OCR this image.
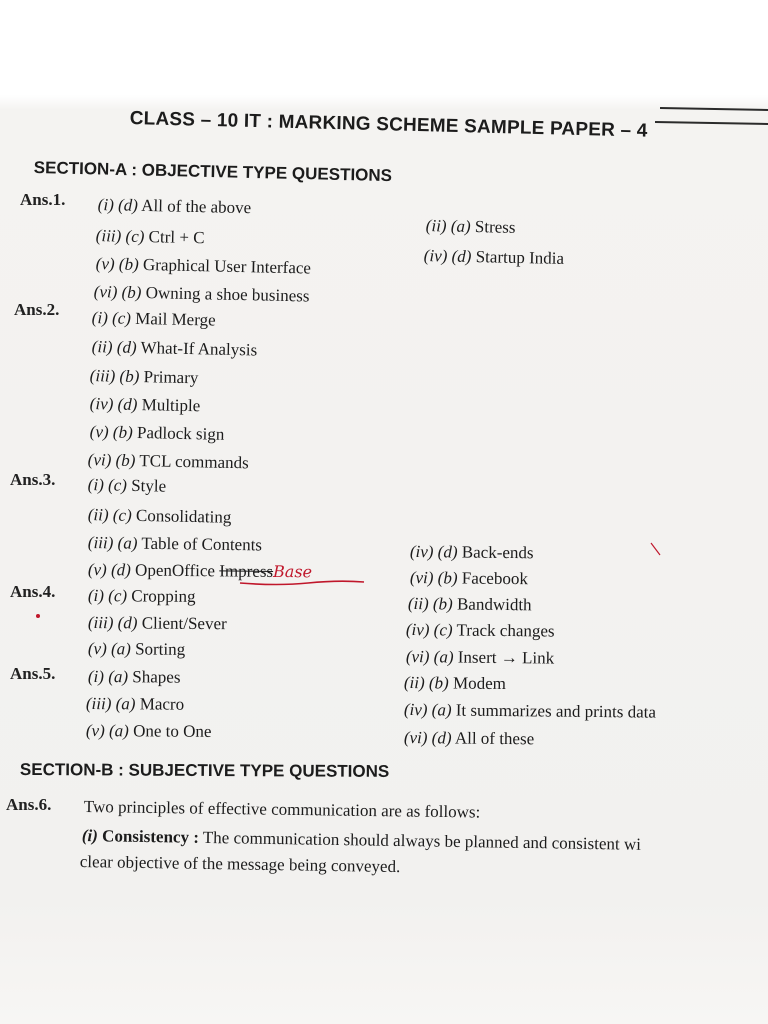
CLASS – 10 IT : MARKING SCHEME SAMPLE PAPER – 4
SECTION-A : OBJECTIVE TYPE QUESTIONS
Ans.1. (i) (d) All of the above
(iii) (c) Ctrl + C
(v) (b) Graphical User Interface
(vi) (b) Owning a shoe business
(ii) (a) Stress
(iv) (d) Startup India
Ans.2. (i) (c) Mail Merge
(ii) (d) What-If Analysis
(iii) (b) Primary
(iv) (d) Multiple
(v) (b) Padlock sign
(vi) (b) TCL commands
Ans.3. (i) (c) Style
(ii) (c) Consolidating
(iii) (a) Table of Contents
(v) (d) OpenOffice ImpressBase
(iv) (d) Back-ends
(vi) (b) Facebook
Ans.4. (i) (c) Cropping
(iii) (d) Client/Sever
(v) (a) Sorting
(ii) (b) Bandwidth
(iv) (c) Track changes
(vi) (a) Insert → Link
Ans.5. (i) (a) Shapes
(iii) (a) Macro
(v) (a) One to One
(ii) (b) Modem
(iv) (a) It summarizes and prints data
(vi) (d) All of these
SECTION-B : SUBJECTIVE TYPE QUESTIONS
Ans.6. Two principles of effective communication are as follows:
(i) Consistency : The communication should always be planned and consistent wi
clear objective of the message being conveyed.
